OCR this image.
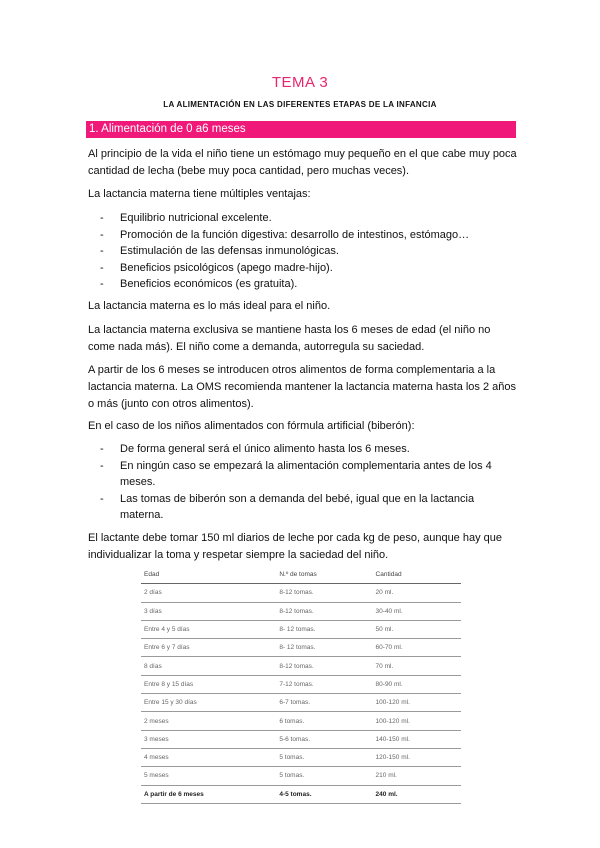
TEMA 3
LA ALIMENTACIÓN EN LAS DIFERENTES ETAPAS DE LA INFANCIA
1. Alimentación de 0 a6 meses
Al principio de la vida el niño tiene un estómago muy pequeño en el que cabe muy poca cantidad de lecha (bebe muy poca cantidad, pero muchas veces).
La lactancia materna tiene múltiples ventajas:
- Equilibrio nutricional excelente.
- Promoción de la función digestiva: desarrollo de intestinos, estómago…
- Estimulación de las defensas inmunológicas.
- Beneficios psicológicos (apego madre-hijo).
- Beneficios económicos (es gratuita).
La lactancia materna es lo más ideal para el niño.
La lactancia materna exclusiva se mantiene hasta los 6 meses de edad (el niño no come nada más). El niño come a demanda, autorregula su saciedad.
A partir de los 6 meses se introducen otros alimentos de forma complementaria a la lactancia materna. La OMS recomienda mantener la lactancia materna hasta los 2 años o más (junto con otros alimentos).
En el caso de los niños alimentados con fórmula artificial (biberón):
- De forma general será el único alimento hasta los 6 meses.
- En ningún caso se empezará la alimentación complementaria antes de los 4 meses.
- Las tomas de biberón son a demanda del bebé, igual que en la lactancia materna.
El lactante debe tomar 150 ml diarios de leche por cada kg de peso, aunque hay que individualizar la toma y respetar siempre la saciedad del niño.
Edad	N.º de tomas	Cantidad
2 días	8-12 tomas.	20 ml.
3 días	8-12 tomas.	30-40 ml.
Entre 4 y 5 días	8- 12 tomas.	50 ml.
Entre 6 y 7 días	8- 12 tomas.	60-70 ml.
8 días	8-12 tomas.	70 ml.
Entre 8 y 15 días	7-12 tomas.	80-90 ml.
Entre 15 y 30 días	6-7 tomas.	100-120 ml.
2 meses	6 tomas.	100-120 ml.
3 meses	5-6 tomas.	140-150 ml.
4 meses	5 tomas.	120-150 ml.
5 meses	5 tomas.	210 ml.
A partir de 6 meses	4-5 tomas.	240 ml.
